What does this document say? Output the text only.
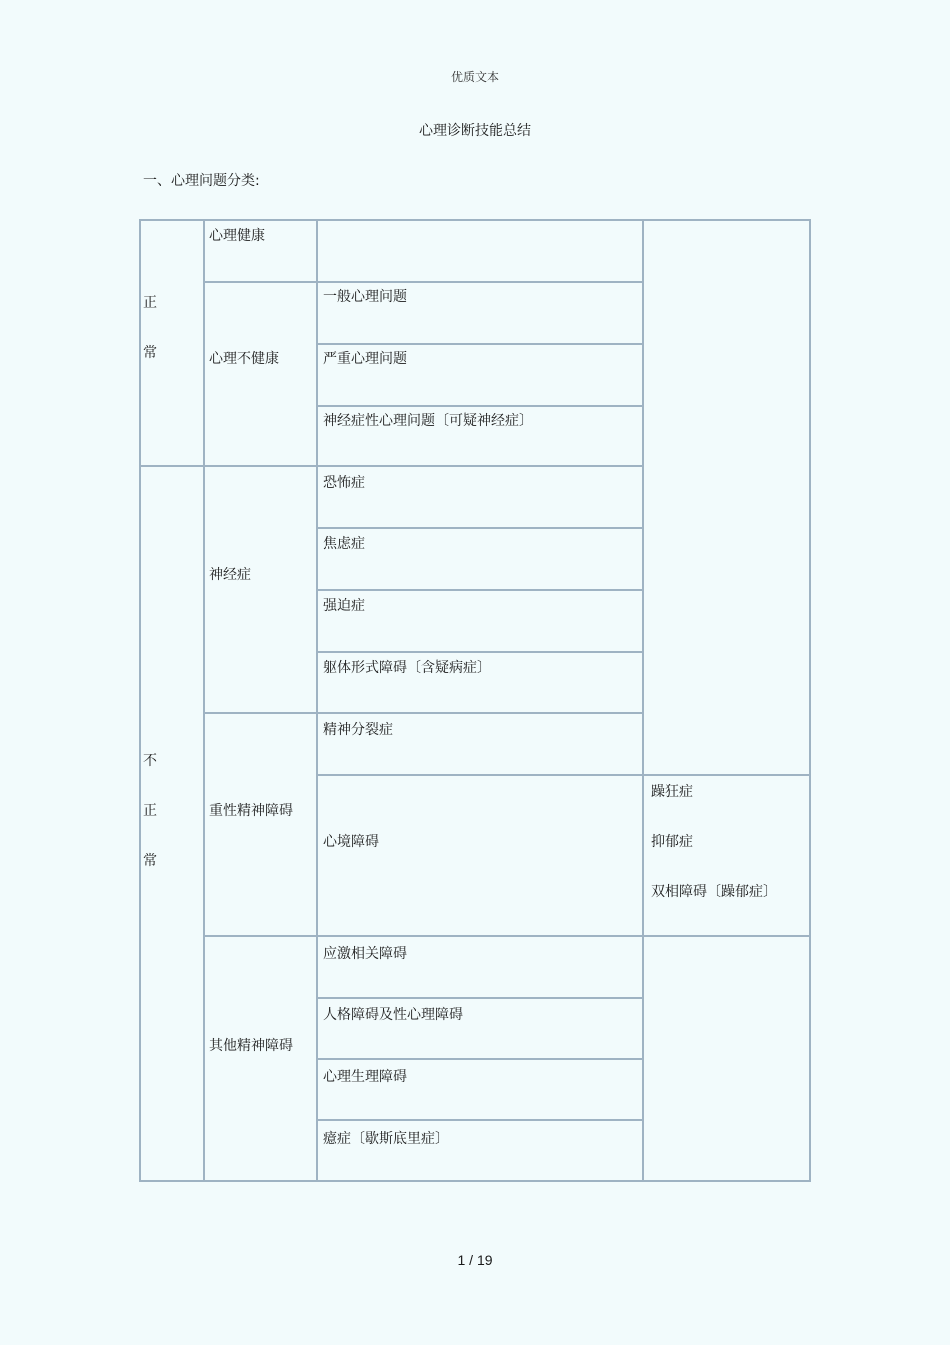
优质文本
心理诊断技能总结
一、心理问题分类:
正
常
不
正
常
心理健康
心理不健康
神经症
重性精神障碍
其他精神障碍
一般心理问题
严重心理问题
神经症性心理问题〔可疑神经症〕
恐怖症
焦虑症
强迫症
躯体形式障碍〔含疑病症〕
精神分裂症
心境障碍
应激相关障碍
人格障碍及性心理障碍
心理生理障碍
癔症〔歇斯底里症〕
躁狂症
抑郁症
双相障碍〔躁郁症〕
1 / 19
